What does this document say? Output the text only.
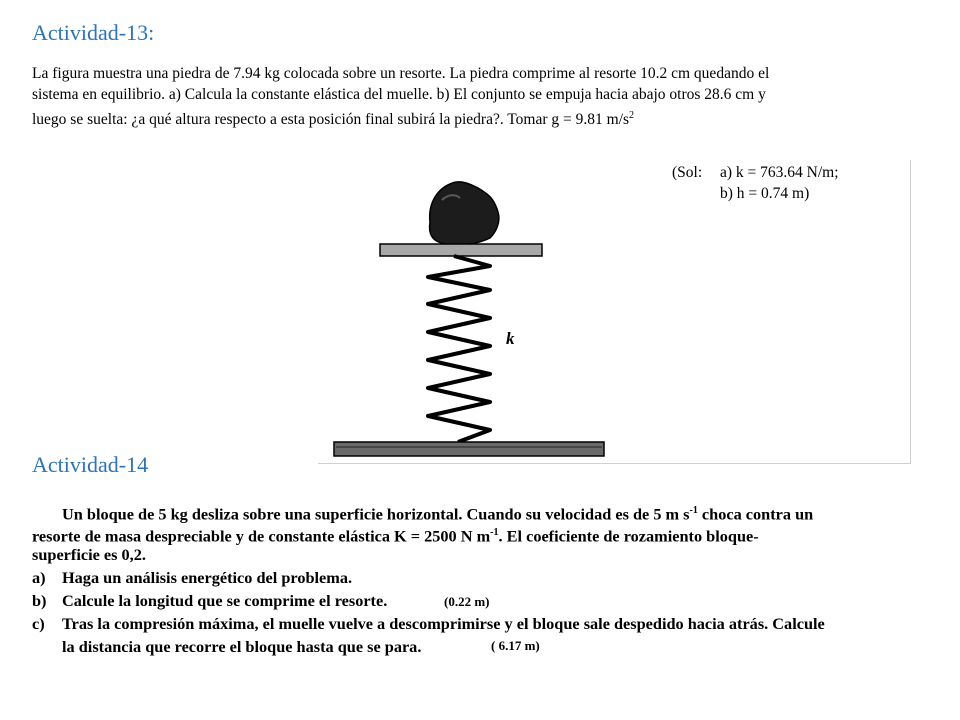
Actividad-13:
La figura muestra una piedra de 7.94 kg colocada sobre un resorte. La piedra comprime al resorte 10.2 cm quedando el
sistema en equilibrio. a) Calcula la constante elástica del muelle. b) El conjunto se empuja hacia abajo otros 28.6 cm y
luego se suelta: ¿a qué altura respecto a esta posición final subirá la piedra?. Tomar g = 9.81 $m/s^2$
k
(Sol:	a) k = 763.64 N/m;
b) h = 0.74 m)
Actividad-14
Un bloque de 5 kg desliza sobre una superficie horizontal. Cuando su velocidad es de 5 m $s^{-1}$ choca contra un
resorte de masa despreciable y de constante elástica K = 2500 N $m^{-1}$. El coeficiente de rozamiento bloque-
superficie es 0,2.
a) Haga un análisis energético del problema.
b) Calcule la longitud que se comprime el resorte.
c) Tras la compresión máxima, el muelle vuelve a descomprimirse y el bloque sale despedido hacia atrás. Calcule
la distancia que recorre el bloque hasta que se para.
(0.22 m)
( 6.17 m)
